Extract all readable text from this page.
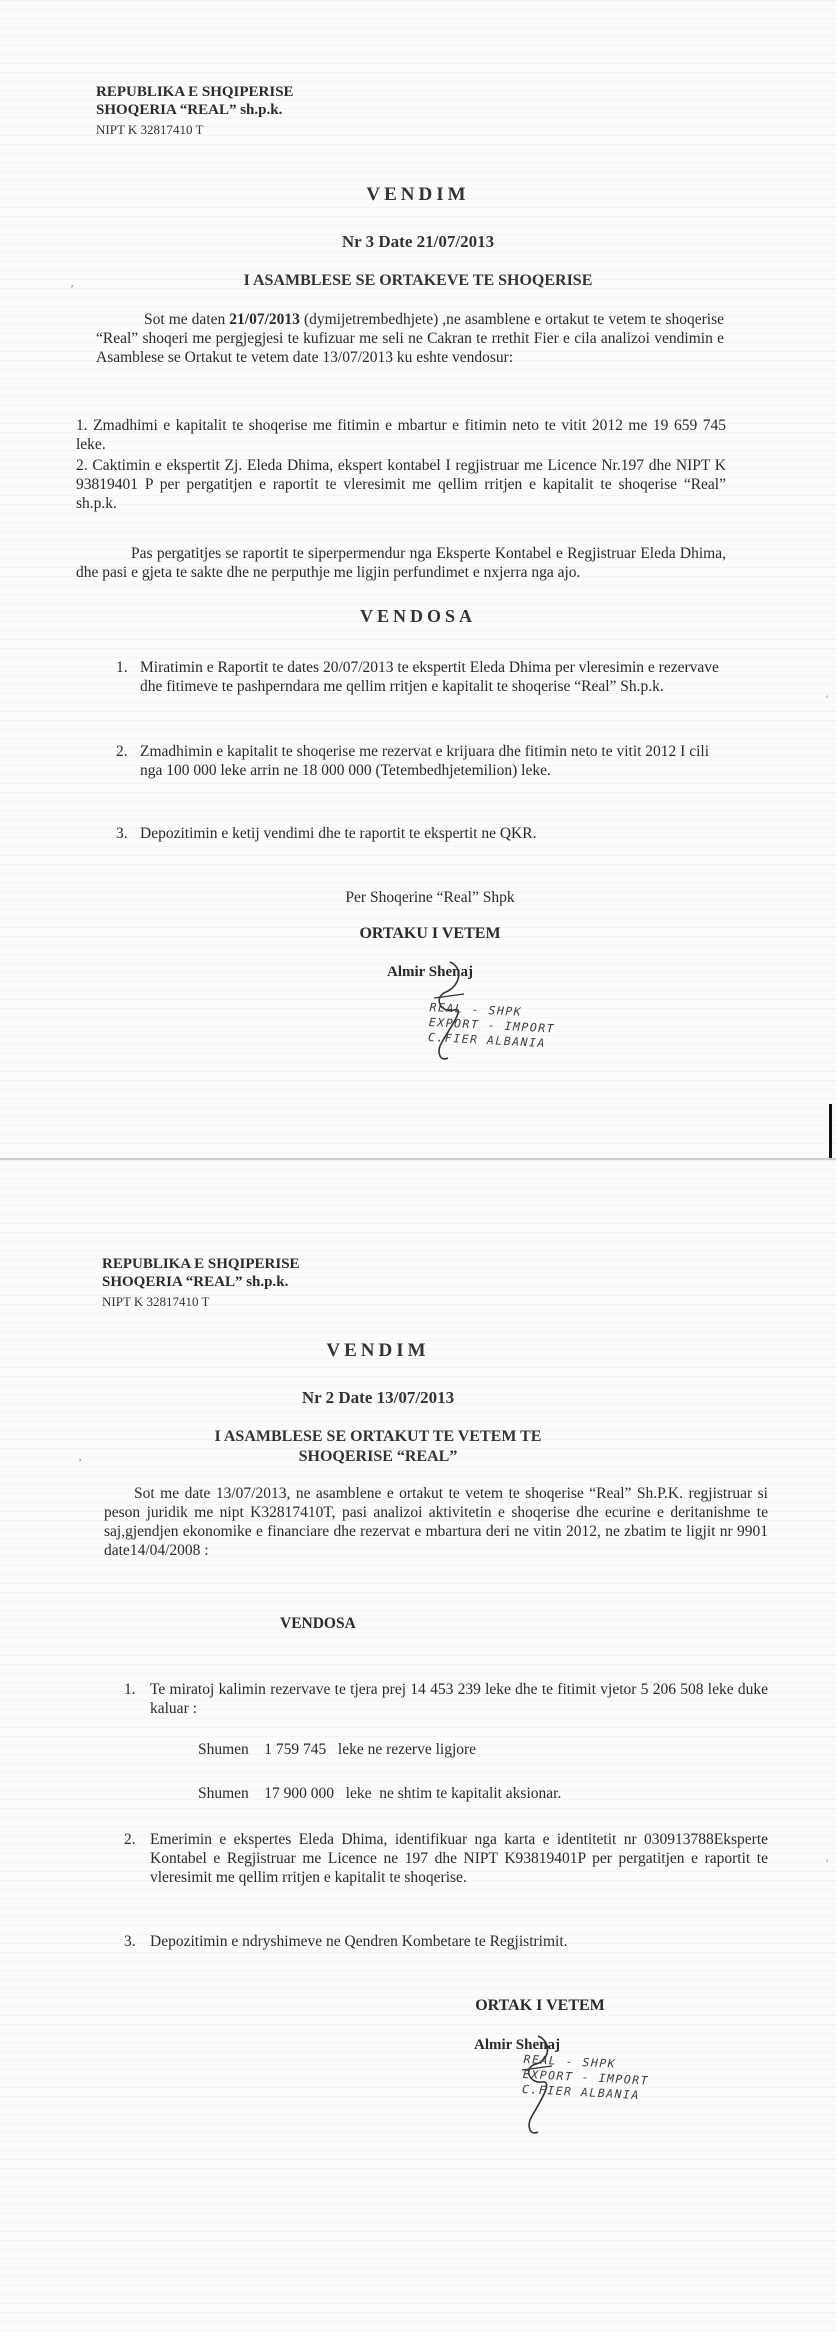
REPUBLIKA E SHQIPERISE
SHOQERIA “REAL” sh.p.k.
NIPT K 32817410 T
VENDIM
Nr 3 Date 21/07/2013
I ASAMBLESE SE ORTAKEVE TE SHOQERISE
Sot me daten 21/07/2013 (dymijetrembedhjete) ,ne asamblene e ortakut te vetem te shoqerise “Real” shoqeri me pergjegjesi te kufizuar me seli ne Cakran te rrethit Fier e cila analizoi vendimin e Asamblese se Ortakut te vetem date 13/07/2013 ku eshte vendosur:
1. Zmadhimi e kapitalit te shoqerise me fitimin e mbartur e fitimin neto te vitit 2012 me 19 659 745 leke.
2. Caktimin e ekspertit Zj. Eleda Dhima, ekspert kontabel I regjistruar me Licence Nr.197 dhe NIPT K 93819401 P per pergatitjen e raportit te vleresimit me qellim rritjen e kapitalit te shoqerise “Real” sh.p.k.
Pas pergatitjes se raportit te siperpermendur nga Eksperte Kontabel e Regjistruar Eleda Dhima, dhe pasi e gjeta te sakte dhe ne perputhje me ligjin perfundimet e nxjerra nga ajo.
VENDOSA
1. Miratimin e Raportit te dates 20/07/2013 te ekspertit Eleda Dhima per vleresimin e rezervave dhe fitimeve te pashperndara me qellim rritjen e kapitalit te shoqerise “Real” Sh.p.k.
2. Zmadhimin e kapitalit te shoqerise me rezervat e krijuara dhe fitimin neto te vitit 2012 I cili nga 100 000 leke arrin ne 18 000 000 (Tetembedhjetemilion) leke.
3. Depozitimin e ketij vendimi dhe te raportit te ekspertit ne QKR.
Per Shoqerine “Real” Shpk
ORTAKU I VETEM
Almir Shenaj
REAL - SHPK
EXPORT - IMPORT
C.FIER ALBANIA
ʼ
'
REPUBLIKA E SHQIPERISE
SHOQERIA “REAL” sh.p.k.
NIPT K 32817410 T
VENDIM
Nr 2 Date 13/07/2013
I ASAMBLESE SE ORTAKUT TE VETEM TE
SHOQERISE “REAL”
Sot me date 13/07/2013, ne asamblene e ortakut te vetem te shoqerise “Real” Sh.P.K. regjistruar si peson juridik me nipt K32817410T, pasi analizoi aktivitetin e shoqerise dhe ecurine e deritanishme te saj,gjendjen ekonomike e financiare dhe rezervat e mbartura deri ne vitin 2012, ne zbatim te ligjit nr 9901 date14/04/2008 :
VENDOSA
1. Te miratoj kalimin rezervave te tjera prej 14 453 239 leke dhe te fitimit vjetor 5 206 508 leke duke kaluar :
Shumen    1 759 745   leke ne rezerve ligjore
Shumen    17 900 000   leke  ne shtim te kapitalit aksionar.
2. Emerimin e ekspertes Eleda Dhima, identifikuar nga karta e identitetit nr 030913788Eksperte Kontabel e Regjistruar me Licence ne 197 dhe NIPT K93819401P per pergatitjen e raportit te vleresimit me qellim rritjen e kapitalit te shoqerise.
3. Depozitimin e ndryshimeve ne Qendren Kombetare te Regjistrimit.
ORTAK I VETEM
Almir Shenaj
REAL - SHPK
EXPORT - IMPORT
C.FIER ALBANIA
ʼ
'
